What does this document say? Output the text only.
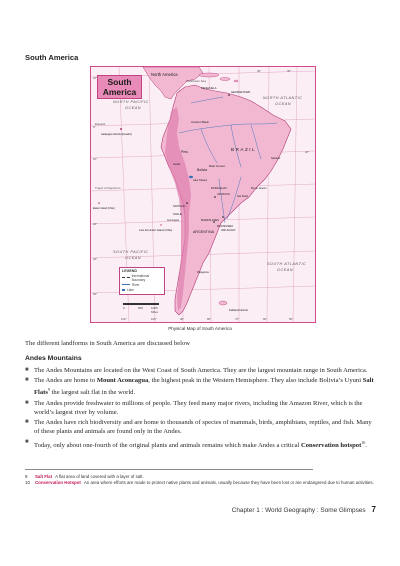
South America
North America
Caribbean Sea
NORTH PACIFIC
OCEAN
NORTH ATLANTIC
OCEAN
SOUTH PACIFIC
OCEAN
SOUTH ATLANTIC
OCEAN
Equator
Tropic of Capricorn
BRAZIL
Peru
Bolivia
CHILE
PARAGUAY
ARGENTINA URUGUAY
VENEZUELA
GEORGETOWN
Amazon Basin
Mato Grosso
Andes
Falkland Islands
Patagonia
Galapagos Islands (Ecuador)
Easter Island (Chile)
Juan Fernandez Islands (Chile)
Aconcagua
ASUNCION
MONTEVIDEO
BUENOS AIRES
SANTIAGO
Salvador
Rio de Janeiro
Sao Paulo
Lake Titicaca
10°
0°
10°
30°
40°
50°
20°
110°	100°	90°	80°	70°	60°	50°
40°	30°
South
America
LEGEND
International Boundary
River
Lake
0	500	1000 Miles
Physical Map of South America

The different landforms in South America are discussed below

Andes Mountains
■ The Andes Mountains are located on the West Coast of South America. They are the largest mountain range in South America.
■ The Andes are home to Mount Aconcagua, the highest peak in the Western Hemisphere. They also include Bolivia’s Uyuni Salt Flats$^9$ the largest salt flat in the world.
■ The Andes provide freshwater to millions of people. They feed many major rivers, including the Amazon River, which is the world’s largest river by volume.
■ The Andes have rich biodiversity and are home to thousands of species of mammals, birds, amphibians, reptiles, and fish. Many of these plants and animals are found only in the Andes.
■
Today, only about one-fourth of the original plants and animals remains which make Andes a critical Conservation hotspot$^{10}$.
9	Salt Flat A flat area of land covered with a layer of salt.
10	Conservation Hotspot An area where efforts are made to protect native plants and animals, usually because they have been lost or are endangered due to human activities.
Chapter 1 : World Geography : Some Glimpses 7
